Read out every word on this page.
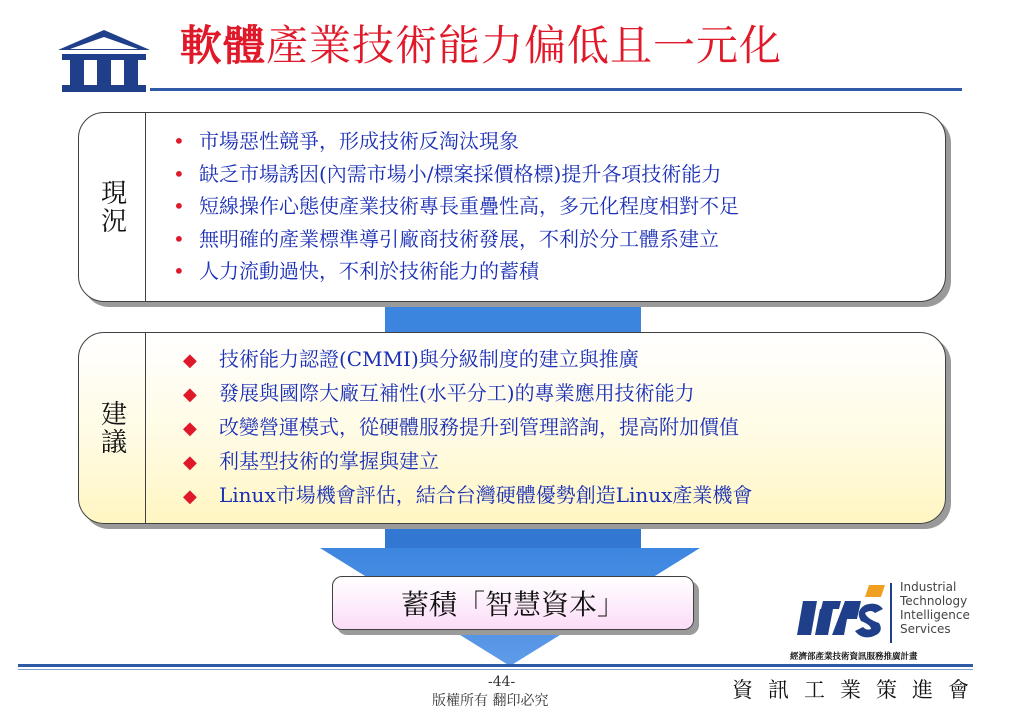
軟體產業技術能力偏低且一元化
現況
• 市場惡性競爭，形成技術反淘汰現象
• 缺乏市場誘因(內需市場小/標案採價格標)提升各項技術能力
• 短線操作心態使產業技術專長重疊性高，多元化程度相對不足
• 無明確的產業標準導引廠商技術發展，不利於分工體系建立
• 人力流動過快，不利於技術能力的蓄積
建議
◆ 技術能力認證(CMMI)與分級制度的建立與推廣
◆ 發展與國際大廠互補性(水平分工)的專業應用技術能力
◆ 改變營運模式，從硬體服務提升到管理諮詢，提高附加價值
◆ 利基型技術的掌握與建立
◆ Linux市場機會評估，結合台灣硬體優勢創造Linux產業機會
蓄積「智慧資本」
Industrial
Technology
Intelligence
Services
經濟部產業技術資訊服務推廣計畫
-44-
版權所有 翻印必究	資訊工業策進會
